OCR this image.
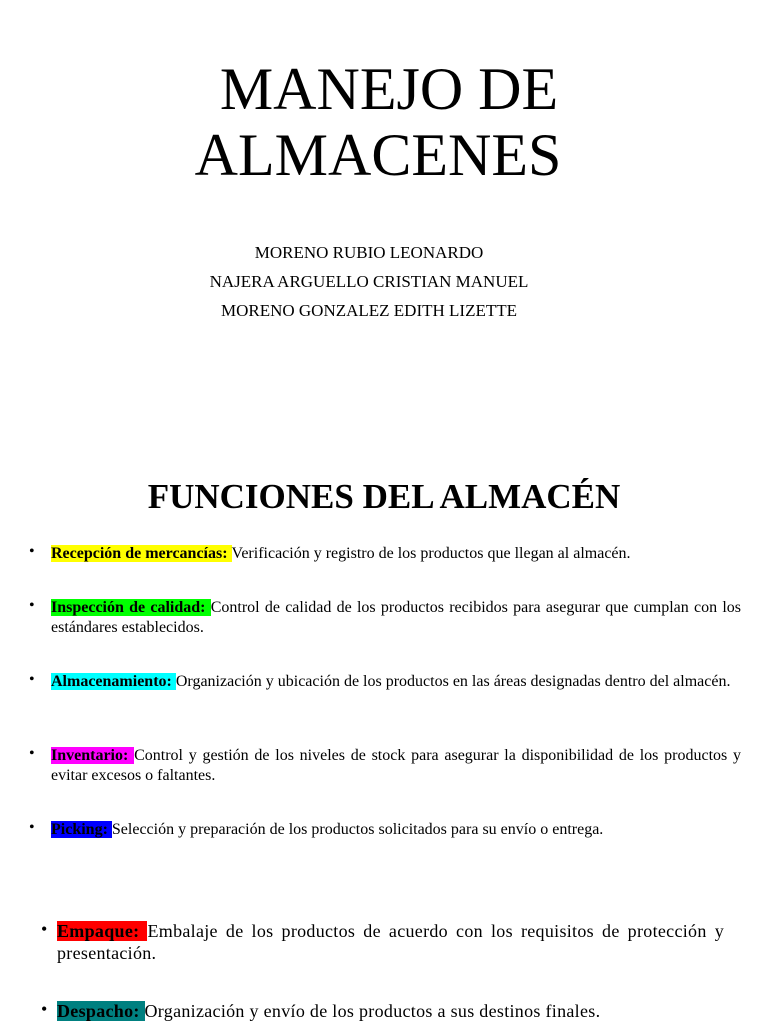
MANEJO DE
ALMACENES
MORENO RUBIO LEONARDO
NAJERA ARGUELLO CRISTIAN MANUEL
MORENO GONZALEZ EDITH LIZETTE
FUNCIONES DEL ALMACÉN
• Recepción de mercancías: Verificación y registro de los productos que llegan al almacén.
• Inspección de calidad: Control de calidad de los productos recibidos para asegurar que cumplan con los estándares establecidos.
• Almacenamiento: Organización y ubicación de los productos en las áreas designadas dentro del almacén.
• Inventario: Control y gestión de los niveles de stock para asegurar la disponibilidad de los productos y evitar excesos o faltantes.
• Picking: Selección y preparación de los productos solicitados para su envío o entrega.
• Empaque: Embalaje de los productos de acuerdo con los requisitos de protección y presentación.
• Despacho: Organización y envío de los productos a sus destinos finales.
